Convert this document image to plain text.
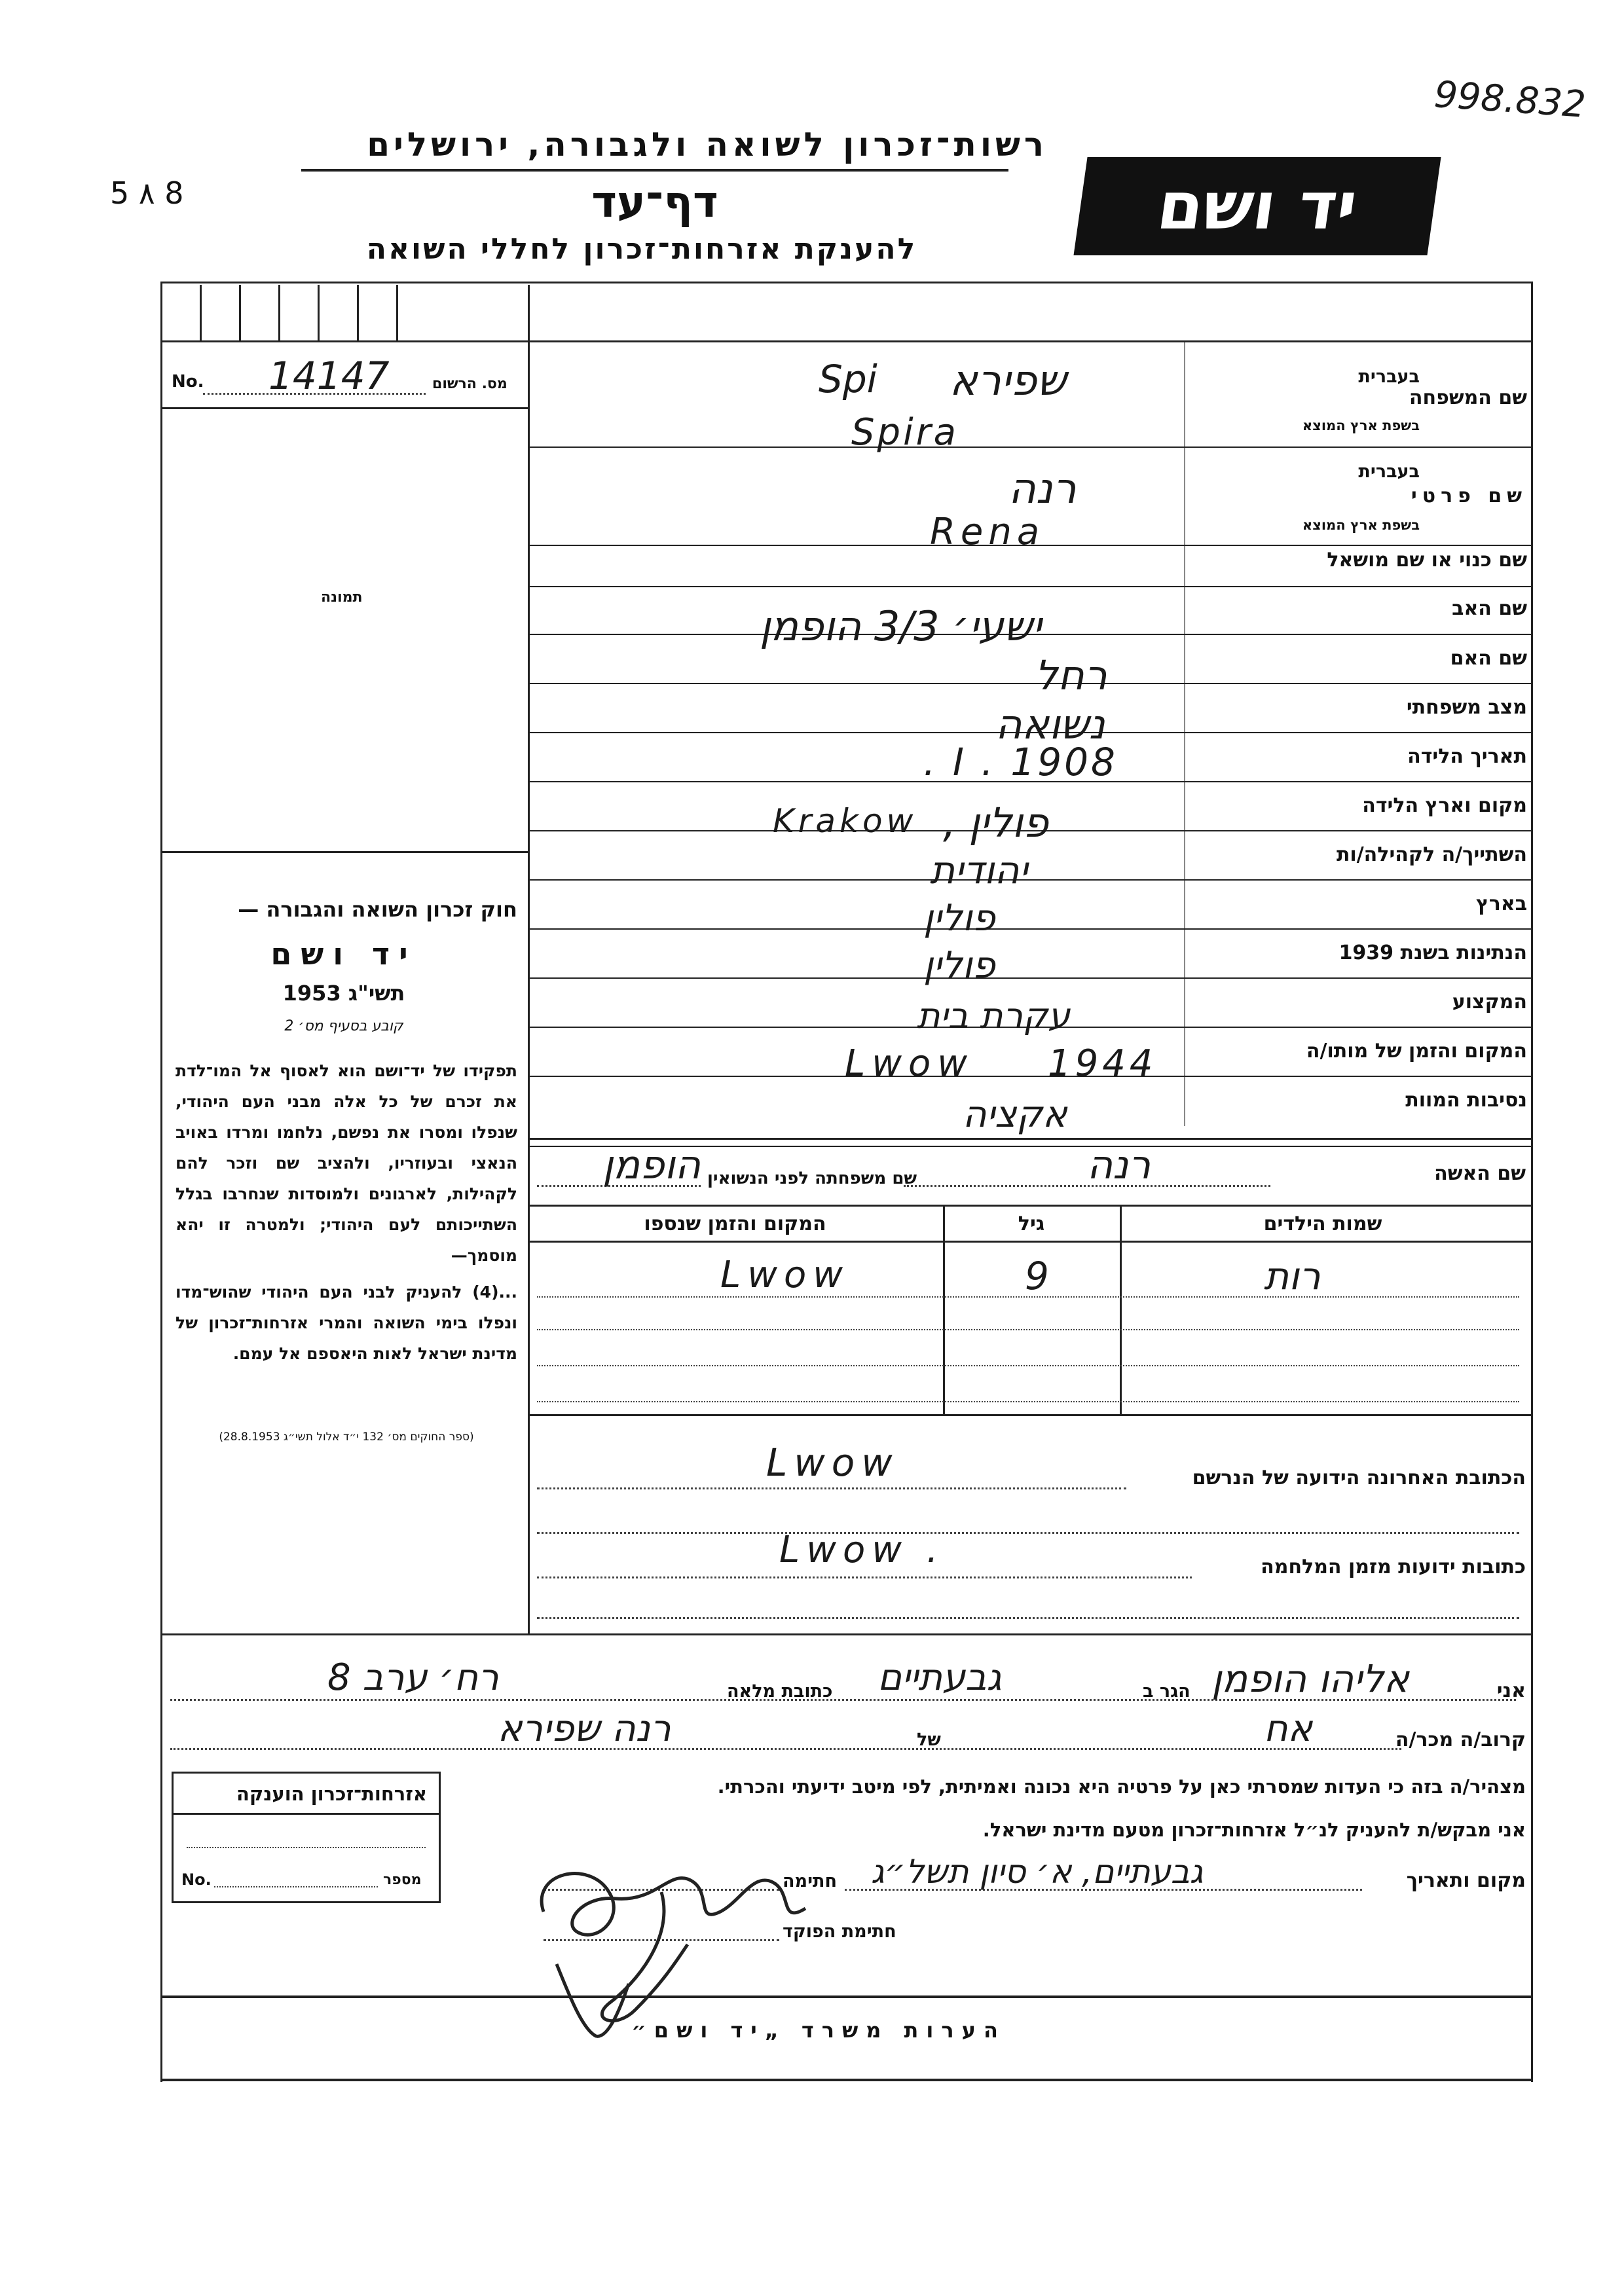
998.832
5 ٨ 8
רשות־זכרון לשואה ולגבורה, ירושלים
דף־עד
להענקת אזרחות־זכרון לחללי השואה
יד ושם
No. 14147	מס. הרשום
תמונה
חוק זכרון השואה והגבורה —
יד ושם
תשי"ג 1953
קובע בסעיף מס׳ 2
תפקידו של יד־ושם הוא לאסוף אל המו־לדת את זכרם של כל אלה מבני העם היהודי, שנפלו ומסרו את נפשם, נלחמו ומרדו באויב הנאצי ובעוזריו, ולהציב שם וזכר להם לקהילות, לארגונים ולמוסדות שנחרבו בגלל השתייכותם לעם היהודי; ולמטרה זו יהא מוסמך—
...(4) להעניק לבני העם היהודי שהוש־מדו ונפלו בימי השואה והמרי אזרחות־זכרון של מדינת ישראל לאות היאספם אל עמם.
(ספר החוקים מס׳ 132 י״ד אלול תשי״ג 28.8.1953)
שם המשפחה
בעברית
בשפת ארץ המוצא
שם פרטי
בעברית
בשפת ארץ המוצא
שם כנוי או שם מושאל
שם האב
שם האם
מצב משפחתי
תאריך הלידה
מקום וארץ הלידה
השתייך/ה לקהילה/ות
בארץ
הנתינות בשנת 1939
המקצוע
המקום והזמן של מותו/ה
נסיבות המוות
שפירא
Spi
Spira
רנה
Rena
ישעי׳ 3/3 הופמן
רחל
נשואה
. I . 1908
Krakow פולין ,
יהודית
פולין
פולין
עקרת בית
Lwow 1944
אקציה
שם האשה
רנה
שם משפחתה לפני הנשואין
הופמן
שמות הילדים
גיל
המקום והזמן שנספו
רות
9
Lwow
הכתובת האחרונה הידועה של הנרשם
Lwow
כתובות ידועות מזמן המלחמה
Lwow .
אני
אליהו הופמן
הגר ב
גבעתיים
כתובת מלאה
רח׳ ערב 8
קרוב/ה מכר/ה
אח
של
רנה שפירא
מצהיר/ה בזה כי העדות שמסרתי כאן על פרטיה היא נכונה ואמיתית, לפי מיטב ידיעתי והכרתי.
אני מבקש/ת להעניק לנ״ל אזרחות־זכרון מטעם מדינת ישראל.
מקום ותאריך
גבעתיים, א׳ סיון תשל״ג
חתימה
חתימת הפוקד
אזרחות־זכרון הוענקה
No.	מספר
הערות משרד „יד ושם״
